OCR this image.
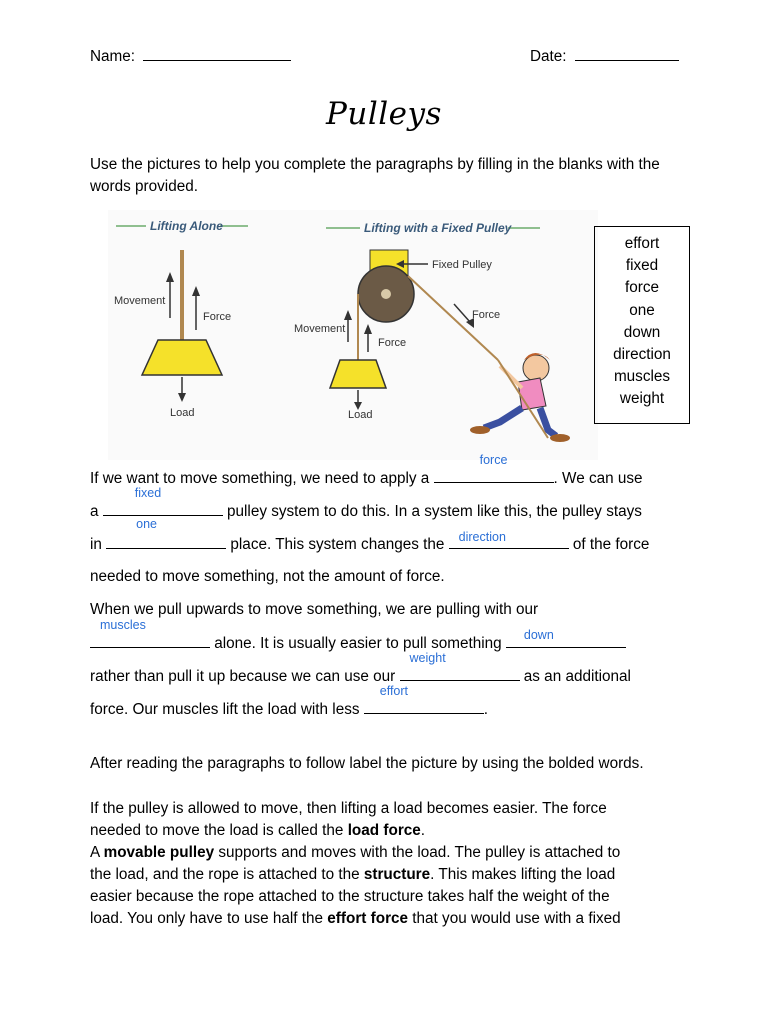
Name:	Date:
Pulleys
Use the pictures to help you complete the paragraphs by filling in the blanks with the words provided.
Lifting Alone	Lifting with a Fixed Pulley
Movement
Force
Load
Fixed Pulley
Force
Movement
Force
Load
effort
fixed
force
one
down
direction
muscles
weight
If we want to move something, we need to apply a
force
. We can use
a
fixed
pulley system to do this. In a system like this, the pulley stays
in
one
place. This system changes the direction	of the force
needed to move something, not the amount of force.
When we pull upwards to move something, we are pulling with our
muscles
alone. It is usually easier to pull something down
rather than pull it up because we can use our
weight
as an additional
force. Our muscles lift the load with less
effort
.
After reading the paragraphs to follow label the picture by using the bolded words.
If the pulley is allowed to move, then lifting a load becomes easier. The force
needed to move the load is called the load force.
A movable pulley supports and moves with the load. The pulley is attached to
the load, and the rope is attached to the structure. This makes lifting the load
easier because the rope attached to the structure takes half the weight of the
load. You only have to use half the effort force that you would use with a fixed
